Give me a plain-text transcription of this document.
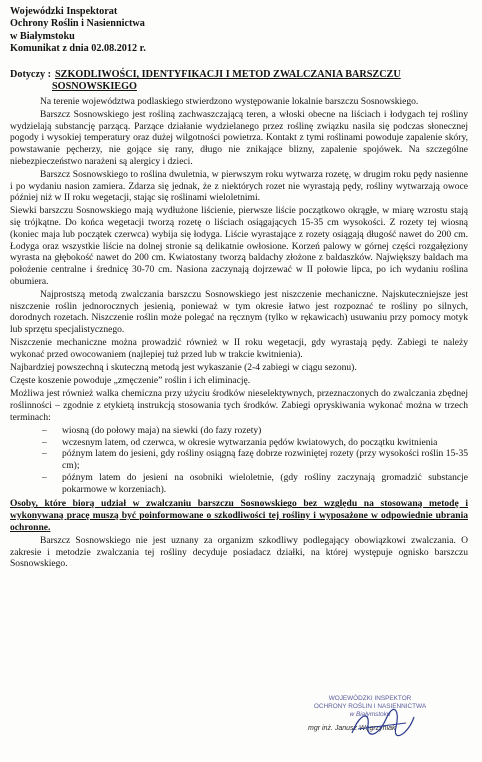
Wojewódzki Inspektorat
Ochrony Roślin i Nasiennictwa
w Białymstoku
Komunikat z dnia 02.08.2012 r.
Dotyczy : SZKODLIWOŚCI, IDENTYFIKACJI I METOD ZWALCZANIA BARSZCZU
SOSNOWSKIEGO

Na terenie województwa podlaskiego stwierdzono występowanie lokalnie barszczu Sosnowskiego.

Barszcz Sosnowskiego jest rośliną zachwaszczającą teren, a włoski obecne na liściach i łodygach tej rośliny wydzielają substancję parzącą. Parzące działanie wydzielanego przez roślinę związku nasila się podczas słonecznej pogody i wysokiej temperatury oraz dużej wilgotności powietrza. Kontakt z tymi roślinami powoduje zapalenie skóry, powstawanie pęcherzy, nie gojące się rany, długo nie znikające blizny, zapalenie spojówek. Na szczególne niebezpieczeństwo narażeni są alergicy i dzieci.

Barszcz Sosnowskiego to roślina dwuletnia, w pierwszym roku wytwarza rozetę, w drugim roku pędy nasienne i po wydaniu nasion zamiera. Zdarza się jednak, że z niektórych rozet nie wyrastają pędy, rośliny wytwarzają owoce później niż w II roku wegetacji, stając się roślinami wieloletnimi.

Siewki barszczu Sosnowskiego mają wydłużone liścienie, pierwsze liście początkowo okrągłe, w miarę wzrostu stają się trójkątne. Do końca wegetacji tworzą rozetę o liściach osiągających 15-35 cm wysokości. Z rozety tej wiosną (koniec maja lub początek czerwca) wybija się łodyga. Liście wyrastające z rozety osiągają długość nawet do 200 cm. Łodyga oraz wszystkie liście na dolnej stronie są delikatnie owłosione. Korzeń palowy w górnej części rozgałęziony wyrasta na głębokość nawet do 200 cm. Kwiatostany tworzą baldachy złożone z baldaszków. Największy baldach ma położenie centralne i średnicę 30-70 cm. Nasiona zaczynają dojrzewać w II połowie lipca, po ich wydaniu roślina obumiera.

Najprostszą metodą zwalczania barszczu Sosnowskiego jest niszczenie mechaniczne. Najskuteczniejsze jest niszczenie roślin jednorocznych jesienią, ponieważ w tym okresie łatwo jest rozpoznać te rośliny po silnych, dorodnych rozetach. Niszczenie roślin może polegać na ręcznym (tylko w rękawicach) usuwaniu przy pomocy motyk lub sprzętu specjalistycznego.

Niszczenie mechaniczne można prowadzić również w II roku wegetacji, gdy wyrastają pędy. Zabiegi te należy wykonać przed owocowaniem (najlepiej tuż przed lub w trakcie kwitnienia).

Najbardziej powszechną i skuteczną metodą jest wykaszanie (2-4 zabiegi w ciągu sezonu).

Częste koszenie powoduje „zmęczenie” roślin i ich eliminację.

Możliwa jest również walka chemiczna przy użyciu środków nieselektywnych, przeznaczonych do zwalczania zbędnej roślinności – zgodnie z etykietą instrukcją stosowania tych środków. Zabiegi opryskiwania wykonać można w trzech terminach:

– wiosną (do połowy maja) na siewki (do fazy rozety)
– wczesnym latem, od czerwca, w okresie wytwarzania pędów kwiatowych, do początku kwitnienia
– późnym latem do jesieni, gdy rośliny osiągną fazę dobrze rozwiniętej rozety (przy wysokości roślin 15-35 cm);
– późnym latem do jesieni na osobniki wieloletnie, (gdy rośliny zaczynają gromadzić substancje pokarmowe w korzeniach).

Osoby, które biorą udział w zwalczaniu barszczu Sosnowskiego bez względu na stosowaną metodę i wykonywaną pracę muszą być poinformowane o szkodliwości tej rośliny i wyposażone w odpowiednie ubrania ochronne.

Barszcz Sosnowskiego nie jest uznany za organizm szkodliwy podlegający obowiązkowi zwalczania. O zakresie i metodzie zwalczania tej rośliny decyduje posiadacz działki, na której występuje ognisko barszczu Sosnowskiego.

WOJEWÓDZKI INSPEKTOR
OCHRONY ROŚLIN I NASIENNICTWA
w Białymstoku
mgr inż. Janusz Węgrzyniak
